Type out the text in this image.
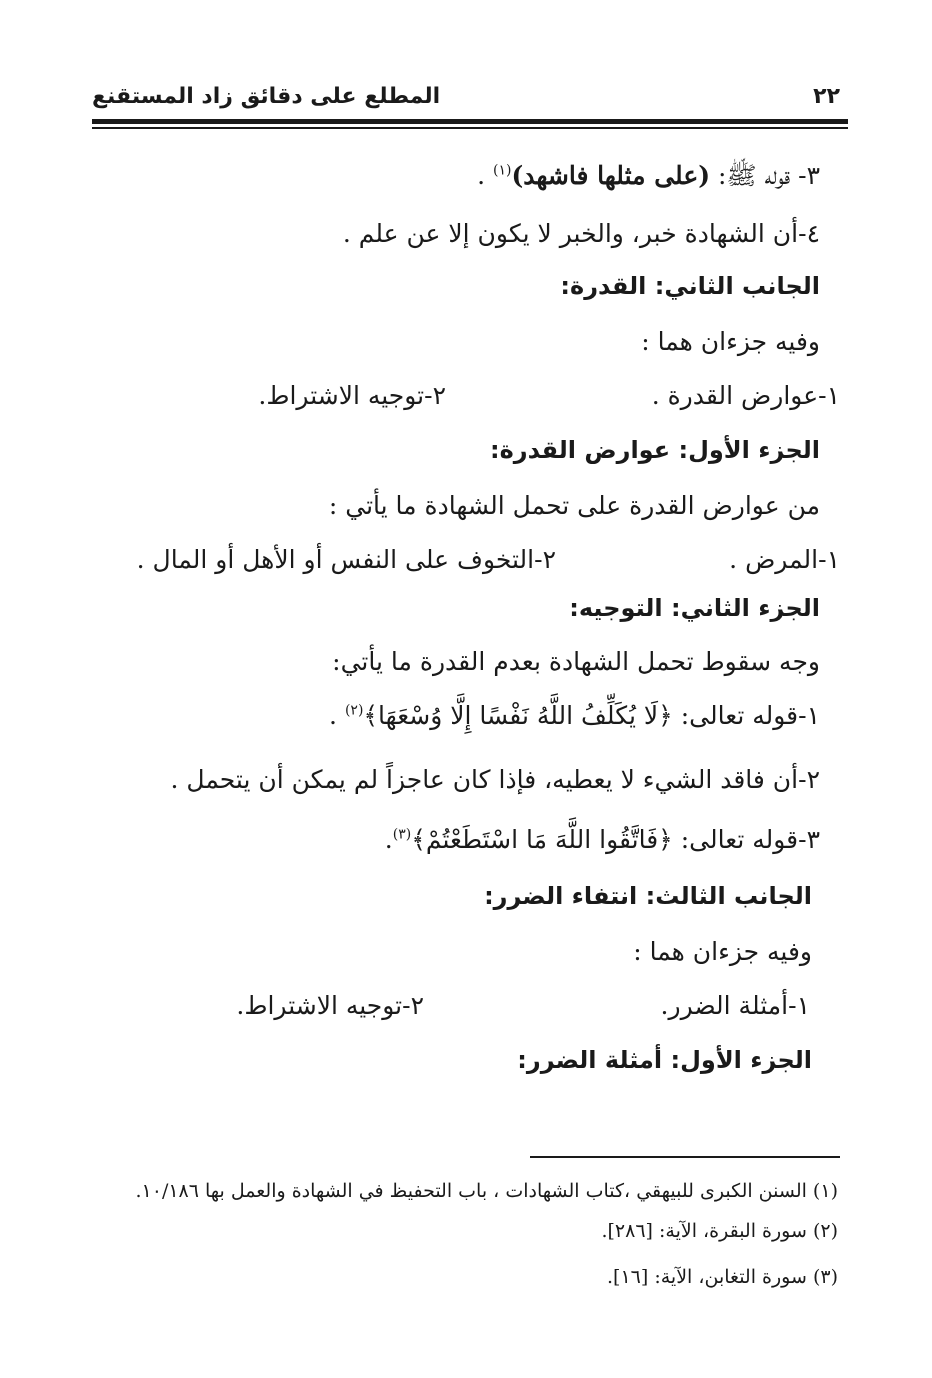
٢٢
المطلع على دقائق زاد المستقنع
٣- قوله ﷺ: (على مثلها فاشهد)$^{(١)}$ .
٤-أن الشهادة خبر، والخبر لا يكون إلا عن علم .
الجانب الثاني: القدرة:
وفيه جزءان هما :
١-عوارض القدرة .
٢-توجيه الاشتراط.
الجزء الأول: عوارض القدرة:
من عوارض القدرة على تحمل الشهادة ما يأتي :
١-المرض .
٢-التخوف على النفس أو الأهل أو المال .
الجزء الثاني: التوجيه:
وجه سقوط تحمل الشهادة بعدم القدرة ما يأتي:
١-قوله تعالى: ﴿لَا يُكَلِّفُ اللَّهُ نَفْسًا إِلَّا وُسْعَهَا﴾$^{(٢)}$ .
٢-أن فاقد الشيء لا يعطيه، فإذا كان عاجزاً لم يمكن أن يتحمل .
٣-قوله تعالى: ﴿فَاتَّقُوا اللَّهَ مَا اسْتَطَعْتُمْ﴾$^{(٣)}$.
الجانب الثالث: انتفاء الضرر:
وفيه جزءان هما :
١-أمثلة الضرر.
٢-توجيه الاشتراط.
الجزء الأول: أمثلة الضرر:
(١) السنن الكبرى للبيهقي ،كتاب الشهادات ، باب التحفيظ في الشهادة والعمل بها ١٠/١٨٦.
(٢) سورة البقرة، الآية: [٢٨٦].
(٣) سورة التغابن، الآية: [١٦].
